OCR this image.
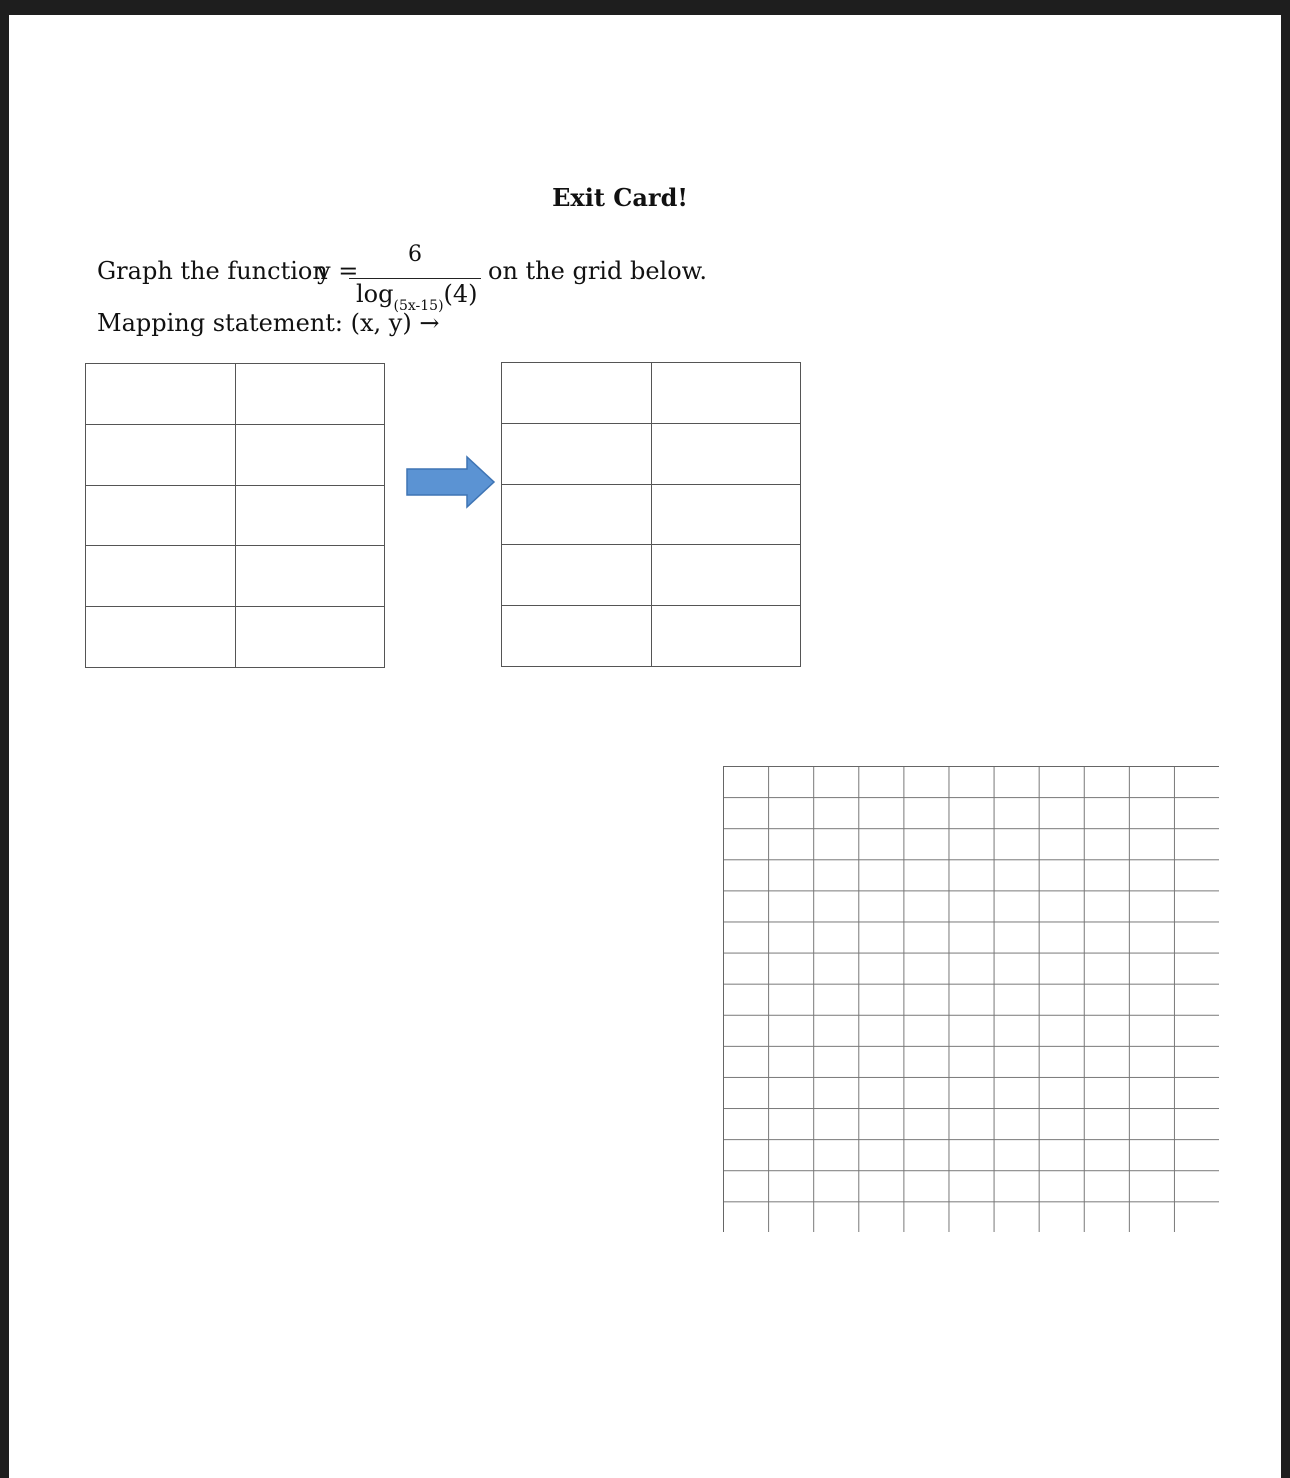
Exit Card!
Graph the function
y =
6
$\log_{(5x-15)}(4)$
on the grid below.
Mapping statement: (x, y) →
